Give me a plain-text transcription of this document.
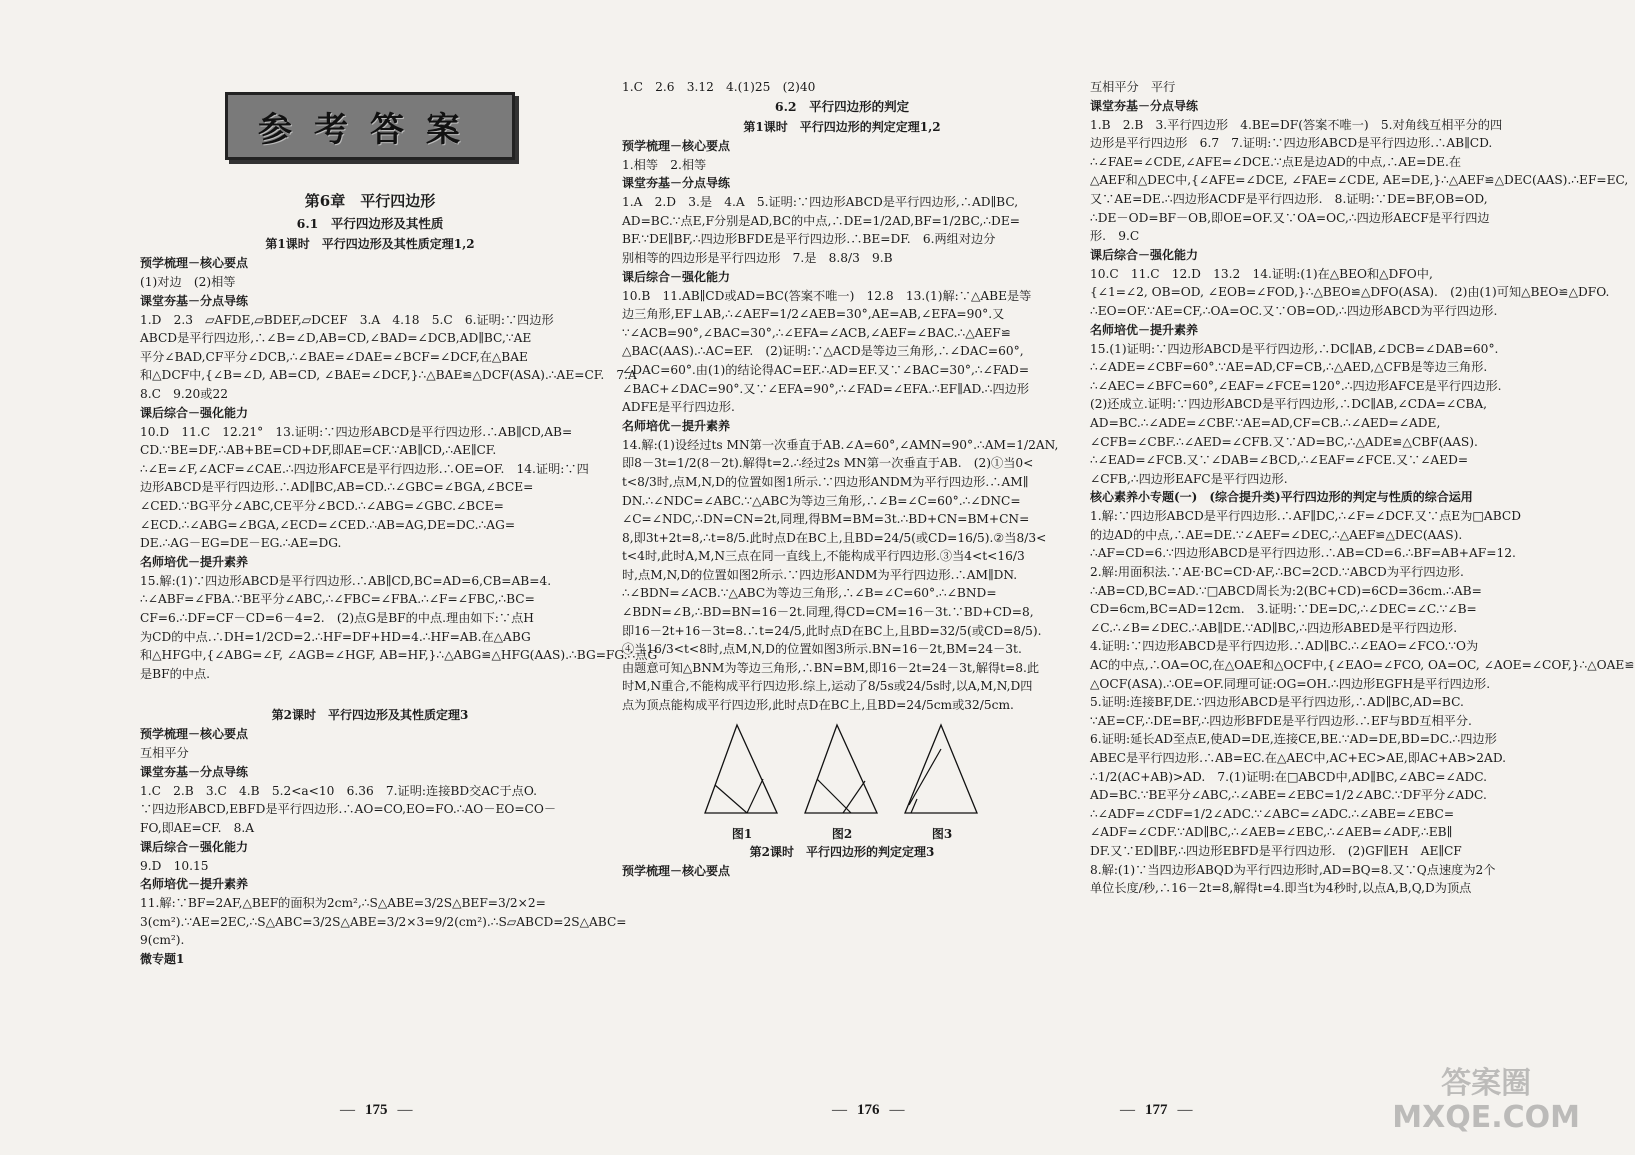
参考答案
第6章　平行四边形
6.1　平行四边形及其性质
第1课时　平行四边形及其性质定理1,2
预学梳理－核心要点
(1)对边　(2)相等
课堂夯基－分点导练
1.D　2.3　▱AFDE,▱BDEF,▱DCEF　3.A　4.18　5.C　6.证明:∵四边形
ABCD是平行四边形,∴∠B=∠D,AB=CD,∠BAD=∠DCB,AD∥BC,∵AE
平分∠BAD,CF平分∠DCB,∴∠BAE=∠DAE=∠BCF=∠DCF,在△BAE
和△DCF中,{∠B=∠D, AB=CD, ∠BAE=∠DCF,}∴△BAE≌△DCF(ASA).∴AE=CF.　7.A
8.C　9.20或22
课后综合－强化能力
10.D　11.C　12.21°　13.证明:∵四边形ABCD是平行四边形.∴AB∥CD,AB=
CD.∵BE=DF,∴AB+BE=CD+DF,即AE=CF.∵AB∥CD,∴AE∥CF.
∴∠E=∠F,∠ACF=∠CAE.∴四边形AFCE是平行四边形.∴OE=OF.　14.证明:∵四
边形ABCD是平行四边形.∴AD∥BC,AB=CD.∴∠GBC=∠BGA,∠BCE=
∠CED.∵BG平分∠ABC,CE平分∠BCD.∴∠ABG=∠GBC.∠BCE=
∠ECD.∴∠ABG=∠BGA,∠ECD=∠CED.∴AB=AG,DE=DC.∴AG=
DE.∴AG－EG=DE－EG.∴AE=DG.
名师培优－提升素养
15.解:(1)∵四边形ABCD是平行四边形.∴AB∥CD,BC=AD=6,CB=AB=4.
∴∠ABF=∠FBA.∵BE平分∠ABC,∴∠FBC=∠FBA.∴∠F=∠FBC,∴BC=
CF=6.∴DF=CF－CD=6－4=2.　(2)点G是BF的中点.理由如下:∵点H
为CD的中点.∴DH=1/2CD=2.∴HF=DF+HD=4.∴HF=AB.在△ABG
和△HFG中,{∠ABG=∠F, ∠AGB=∠HGF, AB=HF,}∴△ABG≌△HFG(AAS).∴BG=FG.∴点G
是BF的中点.
第2课时　平行四边形及其性质定理3
预学梳理－核心要点
互相平分
课堂夯基－分点导练
1.C　2.B　3.C　4.B　5.2<a<10　6.36　7.证明:连接BD交AC于点O.
∵四边形ABCD,EBFD是平行四边形.∴AO=CO,EO=FO.∴AO－EO=CO－
FO,即AE=CF.　8.A
课后综合－强化能力
9.D　10.15
名师培优－提升素养
11.解:∵BF=2AF,△BEF的面积为2cm²,∴S△ABE=3/2S△BEF=3/2×2=
3(cm²).∵AE=2EC,∴S△ABC=3/2S△ABE=3/2×3=9/2(cm²).∴S▱ABCD=2S△ABC=
9(cm²).
微专题1
1.C　2.6　3.12　4.(1)25　(2)40
6.2　平行四边形的判定
第1课时　平行四边形的判定定理1,2
预学梳理－核心要点
1.相等　2.相等
课堂夯基－分点导练
1.A　2.D　3.是　4.A　5.证明:∵四边形ABCD是平行四边形,∴AD∥BC,
AD=BC.∵点E,F分别是AD,BC的中点,∴DE=1/2AD,BF=1/2BC,∴DE=
BF.∵DE∥BF,∴四边形BFDE是平行四边形.∴BE=DF.　6.两组对边分
别相等的四边形是平行四边形　7.是　8.8/3　9.B
课后综合－强化能力
10.B　11.AB∥CD或AD=BC(答案不唯一)　12.8　13.(1)解:∵△ABE是等
边三角形,EF⊥AB,∴∠AEF=1/2∠AEB=30°,AE=AB,∠EFA=90°.又
∵∠ACB=90°,∠BAC=30°,∴∠EFA=∠ACB,∠AEF=∠BAC.∴△AEF≌
△BAC(AAS).∴AC=EF.　(2)证明:∵△ACD是等边三角形,∴∠DAC=60°,
∠DAC=60°.由(1)的结论得AC=EF.∴AD=EF.又∵∠BAC=30°,∴∠FAD=
∠BAC+∠DAC=90°.又∵∠EFA=90°,∴∠FAD=∠EFA.∴EF∥AD.∴四边形
ADFE是平行四边形.
名师培优－提升素养
14.解:(1)设经过ts MN第一次垂直于AB.∠A=60°,∠AMN=90°.∴AM=1/2AN,
即8－3t=1/2(8－2t).解得t=2.∴经过2s MN第一次垂直于AB.　(2)①当0<
t<8/3时,点M,N,D的位置如图1所示.∵四边形ANDM为平行四边形.∴AM∥
DN.∴∠NDC=∠ABC.∵△ABC为等边三角形,∴∠B=∠C=60°.∴∠DNC=
∠C=∠NDC,∴DN=CN=2t,同理,得BM=BM=3t.∴BD+CN=BM+CN=
8,即3t+2t=8,∴t=8/5.此时点D在BC上,且BD=24/5(或CD=16/5).②当8/3<
t<4时,此时A,M,N三点在同一直线上,不能构成平行四边形.③当4<t<16/3
时,点M,N,D的位置如图2所示.∵四边形ANDM为平行四边形.∴AM∥DN.
∴∠BDN=∠ACB.∵△ABC为等边三角形,∴∠B=∠C=60°.∴∠BND=
∠BDN=∠B,∴BD=BN=16－2t.同理,得CD=CM=16－3t.∵BD+CD=8,
即16－2t+16－3t=8.∴t=24/5,此时点D在BC上,且BD=32/5(或CD=8/5).
④当16/3<t<8时,点M,N,D的位置如图3所示.BN=16－2t,BM=24－3t.
由题意可知△BNM为等边三角形,∴BN=BM,即16－2t=24－3t,解得t=8.此
时M,N重合,不能构成平行四边形.综上,运动了8/5s或24/5s时,以A,M,N,D四
点为顶点能构成平行四边形,此时点D在BC上,且BD=24/5cm或32/5cm.
图1	图2	图3
第2课时　平行四边形的判定定理3
预学梳理－核心要点
互相平分　平行
课堂夯基－分点导练
1.B　2.B　3.平行四边形　4.BE=DF(答案不唯一)　5.对角线互相平分的四
边形是平行四边形　6.7　7.证明:∵四边形ABCD是平行四边形.∴AB∥CD.
∴∠FAE=∠CDE,∠AFE=∠DCE.∵点E是边AD的中点,∴AE=DE.在
△AEF和△DEC中,{∠AFE=∠DCE, ∠FAE=∠CDE, AE=DE,}∴△AEF≌△DEC(AAS).∴EF=EC,
又∵AE=DE.∴四边形ACDF是平行四边形.　8.证明:∵DE=BF,OB=OD,
∴DE－OD=BF－OB,即OE=OF.又∵OA=OC,∴四边形AECF是平行四边
形.　9.C
课后综合－强化能力
10.C　11.C　12.D　13.2　14.证明:(1)在△BEO和△DFO中,
{∠1=∠2, OB=OD, ∠EOB=∠FOD,}∴△BEO≌△DFO(ASA).　(2)由(1)可知△BEO≌△DFO.
∴EO=OF.∵AE=CF,∴OA=OC.又∵OB=OD,∴四边形ABCD为平行四边形.
名师培优－提升素养
15.(1)证明:∵四边形ABCD是平行四边形,∴DC∥AB,∠DCB=∠DAB=60°.
∴∠ADE=∠CBF=60°.∵AE=AD,CF=CB,∴△AED,△CFB是等边三角形.
∴∠AEC=∠BFC=60°,∠EAF=∠FCE=120°.∴四边形AFCE是平行四边形.
(2)还成立.证明:∵四边形ABCD是平行四边形,∴DC∥AB,∠CDA=∠CBA,
AD=BC.∴∠ADE=∠CBF.∵AE=AD,CF=CB.∴∠AED=∠ADE,
∠CFB=∠CBF.∴∠AED=∠CFB.又∵AD=BC,∴△ADE≌△CBF(AAS).
∴∠EAD=∠FCB.又∵∠DAB=∠BCD,∴∠EAF=∠FCE.又∵∠AED=
∠CFB,∴四边形EAFC是平行四边形.
核心素养小专题(一)　(综合提升类)平行四边形的判定与性质的综合运用
1.解:∵四边形ABCD是平行四边形.∴AF∥DC,∴∠F=∠DCF.又∵点E为□ABCD
的边AD的中点,∴AE=DE.∵∠AEF=∠DEC,∴△AEF≌△DEC(AAS).
∴AF=CD=6.∵四边形ABCD是平行四边形.∴AB=CD=6.∴BF=AB+AF=12.
2.解:用面积法.∵AE·BC=CD·AF,∴BC=2CD.∵ABCD为平行四边形.
∴AB=CD,BC=AD.∵□ABCD周长为:2(BC+CD)=6CD=36cm.∴AB=
CD=6cm,BC=AD=12cm.　3.证明:∵DE=DC,∴∠DEC=∠C.∵∠B=
∠C.∴∠B=∠DEC.∴AB∥DE.∵AD∥BC,∴四边形ABED是平行四边形.
4.证明:∵四边形ABCD是平行四边形.∴AD∥BC.∴∠EAO=∠FCO.∵O为
AC的中点,∴OA=OC,在△OAE和△OCF中,{∠EAO=∠FCO, OA=OC, ∠AOE=∠COF,}∴△OAE≌
△OCF(ASA).∴OE=OF.同理可证:OG=OH.∴四边形EGFH是平行四边形.
5.证明:连接BF,DE.∵四边形ABCD是平行四边形,∴AD∥BC,AD=BC.
∵AE=CF,∴DE=BF,∴四边形BFDE是平行四边形.∴EF与BD互相平分.
6.证明:延长AD至点E,使AD=DE,连接CE,BE.∵AD=DE,BD=DC.∴四边形
ABEC是平行四边形.∴AB=EC.在△AEC中,AC+EC>AE,即AC+AB>2AD.
∴1/2(AC+AB)>AD.　7.(1)证明:在□ABCD中,AD∥BC,∠ABC=∠ADC.
AD=BC.∵BE平分∠ABC,∴∠ABE=∠EBC=1/2∠ABC.∵DF平分∠ADC.
∴∠ADF=∠CDF=1/2∠ADC.∵∠ABC=∠ADC.∴∠ABE=∠EBC=
∠ADF=∠CDF.∵AD∥BC,∴∠AEB=∠EBC,∴∠AEB=∠ADF,∴EB∥
DF.又∵ED∥BF,∴四边形EBFD是平行四边形.　(2)GF∥EH　AE∥CF
8.解:(1)∵当四边形ABQD为平行四边形时,AD=BQ=8.又∵Q点速度为2个
单位长度/秒,∴16－2t=8,解得t=4.即当t为4秒时,以点A,B,Q,D为顶点
— 175 —	— 176 —	— 177 —
答案圈
MXQE.COM
